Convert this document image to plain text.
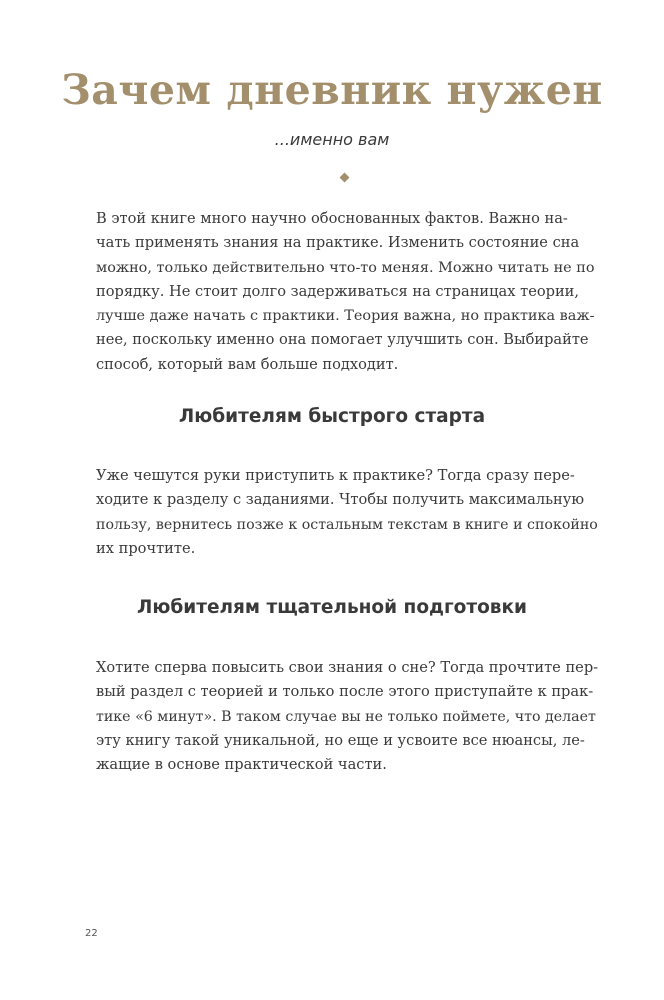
Зачем дневник нужен

...именно вам

В этой книге много научно обоснованных фактов. Важно на-
чать применять знания на практике. Изменить состояние сна
можно, только действительно что-то меняя. Можно читать не по
порядку. Не стоит долго задерживаться на страницах теории,
лучше даже начать с практики. Теория важна, но практика важ-
нее, поскольку именно она помогает улучшить сон. Выбирайте
способ, который вам больше подходит.
Любителям быстрого старта
Уже чешутся руки приступить к практике? Тогда сразу пере-
ходите к разделу с заданиями. Чтобы получить максимальную
пользу, вернитесь позже к остальным текстам в книге и спокойно
их прочтите.
Любителям тщательной подготовки
Хотите сперва повысить свои знания о сне? Тогда прочтите пер-
вый раздел с теорией и только после этого приступайте к прак-
тике «6 минут». В таком случае вы не только поймете, что делает
эту книгу такой уникальной, но еще и усвоите все нюансы, ле-
жащие в основе практической части.
22
